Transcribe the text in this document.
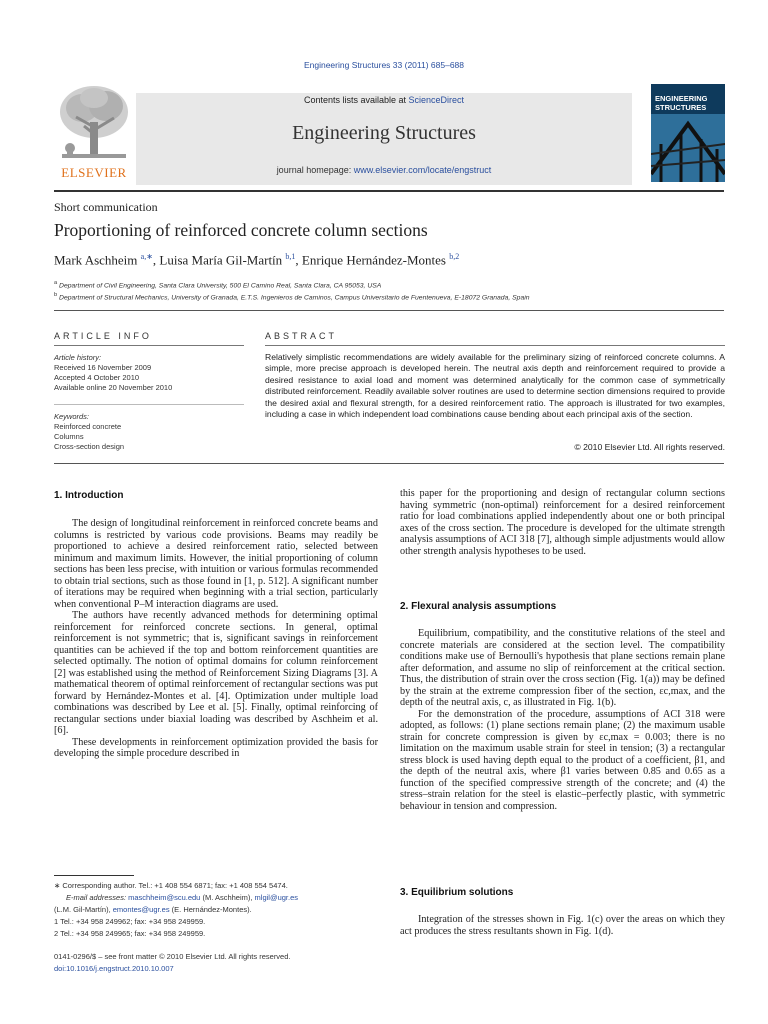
Engineering Structures 33 (2011) 685–688
ELSEVIER
Contents lists available at ScienceDirect
Engineering Structures
journal homepage: www.elsevier.com/locate/engstruct
ENGINEERING
STRUCTURES
Short communication
Proportioning of reinforced concrete column sections
Mark Aschheim $^{a,∗}$, Luisa María Gil-Martín $^{b,1}$, Enrique Hernández-Montes $^{b,2}$
$^a$ Department of Civil Engineering, Santa Clara University, 500 El Camino Real, Santa Clara, CA 95053, USA
$^b$ Department of Structural Mechanics, University of Granada, E.T.S. Ingenieros de Caminos, Campus Universitario de Fuentenueva, E-18072 Granada, Spain
ARTICLE INFO	ABSTRACT
Article history:
Received 16 November 2009
Accepted 4 October 2010
Available online 20 November 2010
Keywords:
Reinforced concrete
Columns
Cross-section design
Relatively simplistic recommendations are widely available for the preliminary sizing of reinforced concrete columns. A simple, more precise approach is developed herein. The neutral axis depth and reinforcement required to provide a desired resistance to axial load and moment was determined analytically for the common case of symmetrically distributed reinforcement. Readily available solver routines are used to determine section dimensions required to provide the desired axial and flexural strength, for a desired reinforcement ratio. The approach is illustrated for two examples, including a case in which independent load combinations cause bending about each principal axis of the section.
© 2010 Elsevier Ltd. All rights reserved.
1. Introduction

The design of longitudinal reinforcement in reinforced concrete beams and columns is restricted by various code provisions. Beams may readily be proportioned to achieve a desired reinforcement ratio, selected between minimum and maximum limits. However, the initial proportioning of column sections has been less precise, with intuition or various formulas recommended to obtain trial sections, such as those found in [1, p. 512]. A significant number of iterations may be required when beginning with a trial section, particularly when conventional P–M interaction diagrams are used.

The authors have recently advanced methods for determining optimal reinforcement for reinforced concrete sections. In general, optimal reinforcement is not symmetric; that is, significant savings in reinforcement quantities can be achieved if the top and bottom reinforcement quantities are selected optimally. The notion of optimal domains for column reinforcement [2] was established using the method of Reinforcement Sizing Diagrams [3]. A mathematical theorem of optimal reinforcement of rectangular sections was put forward by Hernández-Montes et al. [4]. Optimization under multiple load combinations was described by Lee et al. [5]. Finally, optimal reinforcing of rectangular sections under biaxial loading was described by Aschheim et al. [6].

These developments in reinforcement optimization provided the basis for developing the simple procedure described in

this paper for the proportioning and design of rectangular column sections having symmetric (non-optimal) reinforcement for a desired reinforcement ratio for load combinations applied independently about one or both principal axes of the cross section. The procedure is developed for the ultimate strength analysis assumptions of ACI 318 [7], although simple adjustments would allow other strength analysis hypotheses to be used.

2. Flexural analysis assumptions

Equilibrium, compatibility, and the constitutive relations of the steel and concrete materials are considered at the section level. The compatibility conditions make use of Bernoulli's hypothesis that plane sections remain plane after deformation, and assume no slip of reinforcement at the critical section. Thus, the distribution of strain over the cross section (Fig. 1(a)) may be defined by the strain at the extreme compression fiber of the section, εc,max, and the depth of the neutral axis, c, as illustrated in Fig. 1(b).

For the demonstration of the procedure, assumptions of ACI 318 were adopted, as follows: (1) plane sections remain plane; (2) the maximum usable strain for concrete compression is given by εc,max = 0.003; there is no limitation on the maximum usable strain for steel in tension; (3) a rectangular stress block is used having depth equal to the product of a coefficient, β1, and the depth of the neutral axis, where β1 varies between 0.85 and 0.65 as a function of the specified compressive strength of the concrete; and (4) the stress–strain relation for the steel is elastic–perfectly plastic, with symmetric behaviour in tension and compression.

3. Equilibrium solutions

Integration of the stresses shown in Fig. 1(c) over the areas on which they act produces the stress resultants shown in Fig. 1(d).

∗ Corresponding author. Tel.: +1 408 554 6871; fax: +1 408 554 5474.
E-mail addresses: maschheim@scu.edu (M. Aschheim), mlgil@ugr.es
(L.M. Gil-Martín), emontes@ugr.es (E. Hernández-Montes).
1 Tel.: +34 958 249962; fax: +34 958 249959.
2 Tel.: +34 958 249965; fax: +34 958 249959.
0141-0296/$ – see front matter © 2010 Elsevier Ltd. All rights reserved.
doi:10.1016/j.engstruct.2010.10.007
